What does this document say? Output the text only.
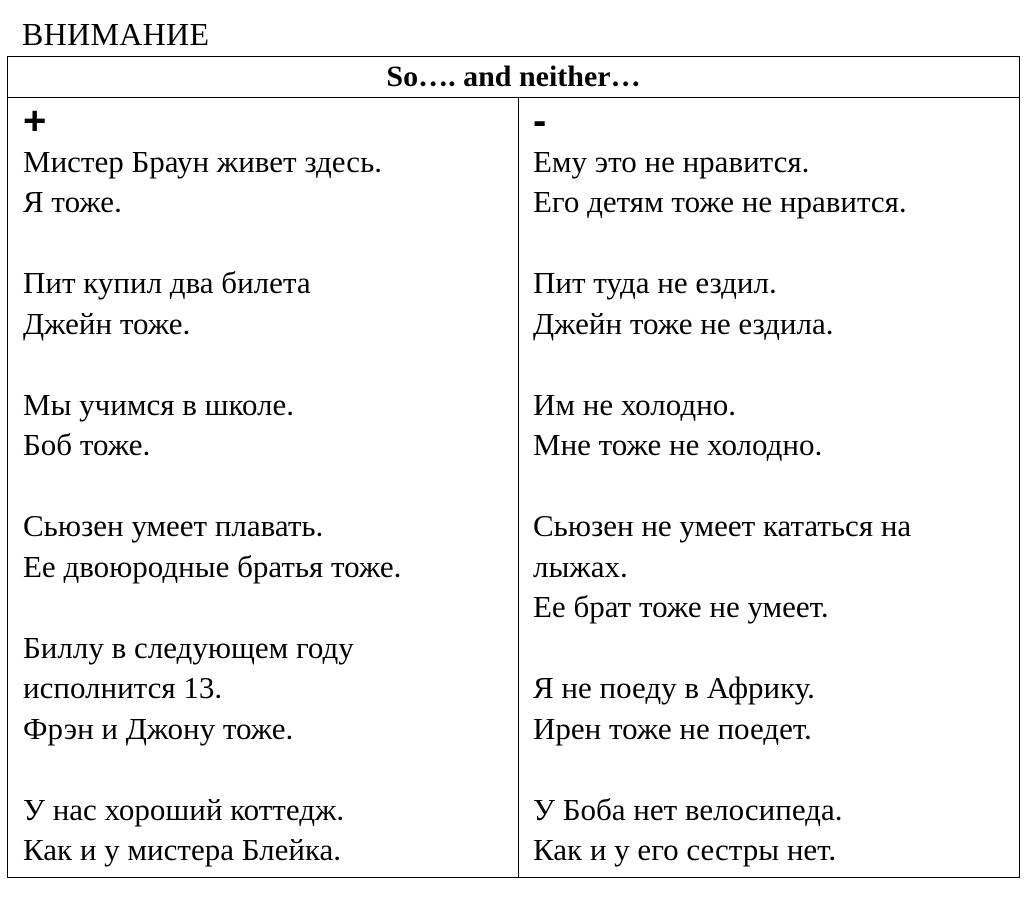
ВНИМАНИЕ
So…. and neither…
+
Мистер Браун живет здесь.
Я тоже.
Пит купил два билета
Джейн тоже.
Мы учимся в школе.
Боб тоже.
Сьюзен умеет плавать.
Ее двоюродные братья тоже.
Биллу в следующем году
исполнится 13.
Фрэн и Джону тоже.
У нас хороший коттедж.
Как и у мистера Блейка.
-
Ему это не нравится.
Его детям тоже не нравится.
Пит туда не ездил.
Джейн тоже не ездила.
Им не холодно.
Мне тоже не холодно.
Сьюзен не умеет кататься на
лыжах.
Ее брат тоже не умеет.
Я не поеду в Африку.
Ирен тоже не поедет.
У Боба нет велосипеда.
Как и у его сестры нет.
